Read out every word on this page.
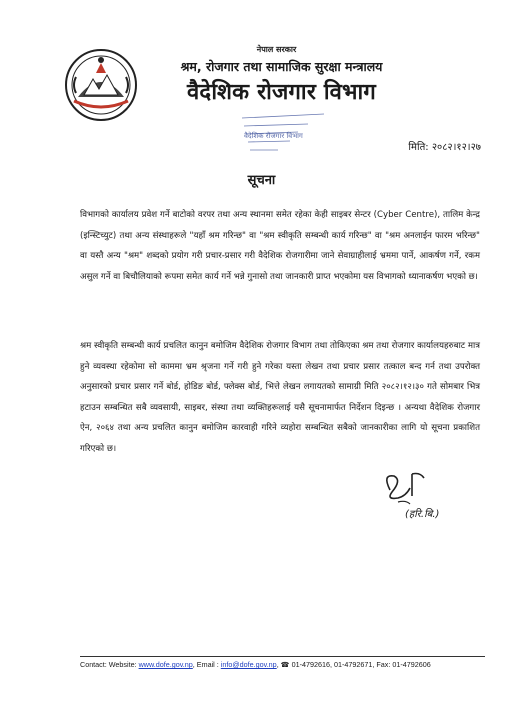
नेपाल सरकार
श्रम, रोजगार तथा सामाजिक सुरक्षा मन्त्रालय
वैदेशिक रोजगार विभाग
वैदेशिक रोजगार विभाग
मिति: २०८२।१२।२७
सूचना
विभागको कार्यालय प्रवेश गर्ने बाटोको वरपर तथा अन्य स्थानमा समेत रहेका केही साइबर सेन्टर (Cyber Centre), तालिम केन्द्र (इन्स्टिच्युट) तथा अन्य संस्थाहरूले "यहाँ श्रम गरिन्छ" वा "श्रम स्वीकृति सम्बन्धी कार्य गरिन्छ" वा "श्रम अनलाईन फारम भरिन्छ" वा यस्तै अन्य "श्रम" शब्दको प्रयोग गरी प्रचार-प्रसार गरी वैदेशिक रोजगारीमा जाने सेवाग्राहीलाई भ्रममा पार्ने, आकर्षण गर्ने, रकम असुल गर्ने वा बिचौलियाको रूपमा समेत कार्य गर्ने भन्ने गुनासो तथा जानकारी प्राप्त भएकोमा यस विभागको ध्यानाकर्षण भएको छ।
श्रम स्वीकृति सम्बन्धी कार्य प्रचलित कानुन बमोजिम वैदेशिक रोजगार विभाग तथा तोकिएका श्रम तथा रोजगार कार्यालयहरुबाट मात्र हुने व्यवस्था रहेकोमा सो काममा भ्रम श्रृजना गर्ने गरी हुने गरेका यस्ता लेखन तथा प्रचार प्रसार तत्काल बन्द गर्न तथा उपरोक्त अनुसारको प्रचार प्रसार गर्ने बोर्ड, होडिङ बोर्ड, फ्लेक्स बोर्ड, भित्ते लेखन लगायतको सामाग्री मिति २०८२।१२।३० गते सोमबार भित्र हटाउन सम्बन्धित सबै व्यवसायी, साइबर, संस्था तथा व्यक्तिहरूलाई यसै सूचनामार्फत निर्देशन दिइन्छ । अन्यथा वैदेशिक रोजगार ऐन, २०६४ तथा अन्य प्रचलित कानुन बमोजिम कारवाही गरिने व्यहोरा सम्बन्धित सबैको जानकारीका लागि यो सूचना प्रकाशित गरिएको छ।
(हरि.बि.)
Contact: Website: www.dofe.gov.np, Email : info@dofe.gov.np, ☎ 01-4792616, 01-4792671, Fax: 01-4792606
